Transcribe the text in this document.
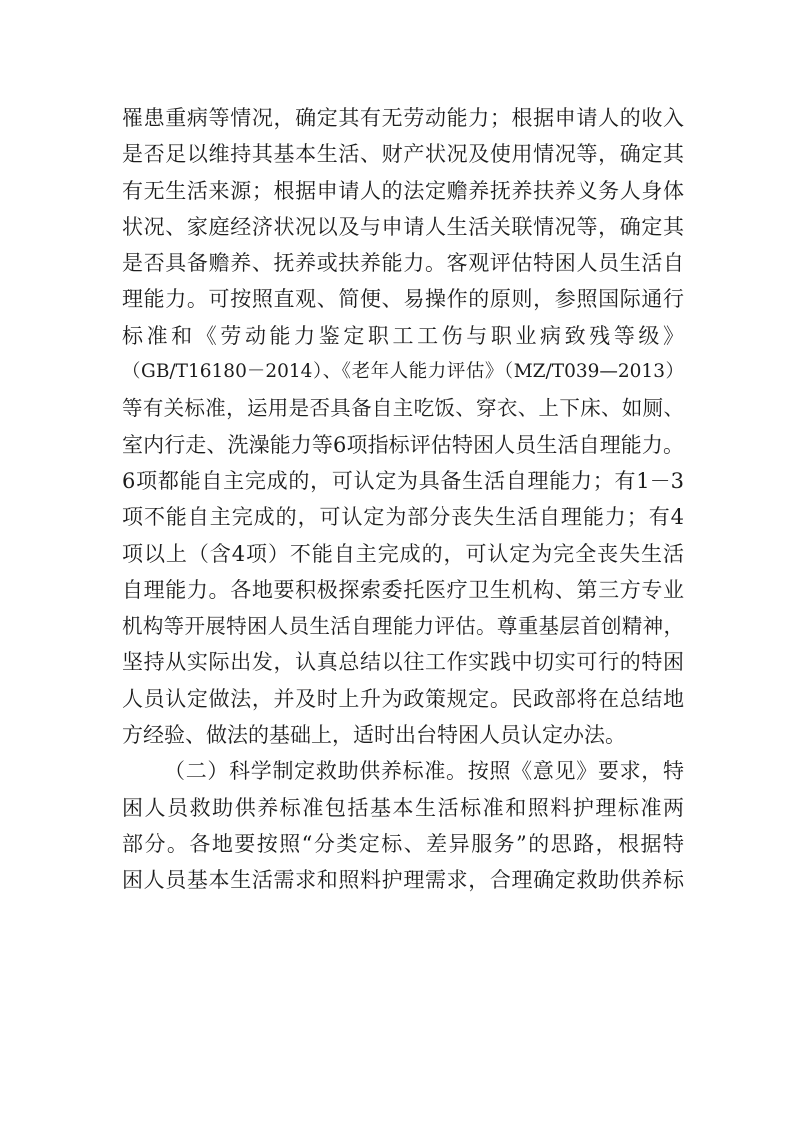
罹患重病等情况，确定其有无劳动能力；根据申请人的收入
是否足以维持其基本生活、财产状况及使用情况等，确定其
有无生活来源；根据申请人的法定赡养抚养扶养义务人身体
状况、家庭经济状况以及与申请人生活关联情况等，确定其
是否具备赡养、抚养或扶养能力。客观评估特困人员生活自
理能力。可按照直观、简便、易操作的原则，参照国际通行
标准和《劳动能力鉴定职工工伤与职业病致残等级》
（GB/T16180－2014）、《老年人能力评估》（MZ/T039—2013）
等有关标准，运用是否具备自主吃饭、穿衣、上下床、如厕、
室内行走、洗澡能力等6项指标评估特困人员生活自理能力。
6项都能自主完成的，可认定为具备生活自理能力；有1－3
项不能自主完成的，可认定为部分丧失生活自理能力；有4
项以上（含4项）不能自主完成的，可认定为完全丧失生活
自理能力。各地要积极探索委托医疗卫生机构、第三方专业
机构等开展特困人员生活自理能力评估。尊重基层首创精神，
坚持从实际出发，认真总结以往工作实践中切实可行的特困
人员认定做法，并及时上升为政策规定。民政部将在总结地
方经验、做法的基础上，适时出台特困人员认定办法。
（二）科学制定救助供养标准。按照《意见》要求，特
困人员救助供养标准包括基本生活标准和照料护理标准两
部分。各地要按照“分类定标、差异服务”的思路，根据特
困人员基本生活需求和照料护理需求，合理确定救助供养标
